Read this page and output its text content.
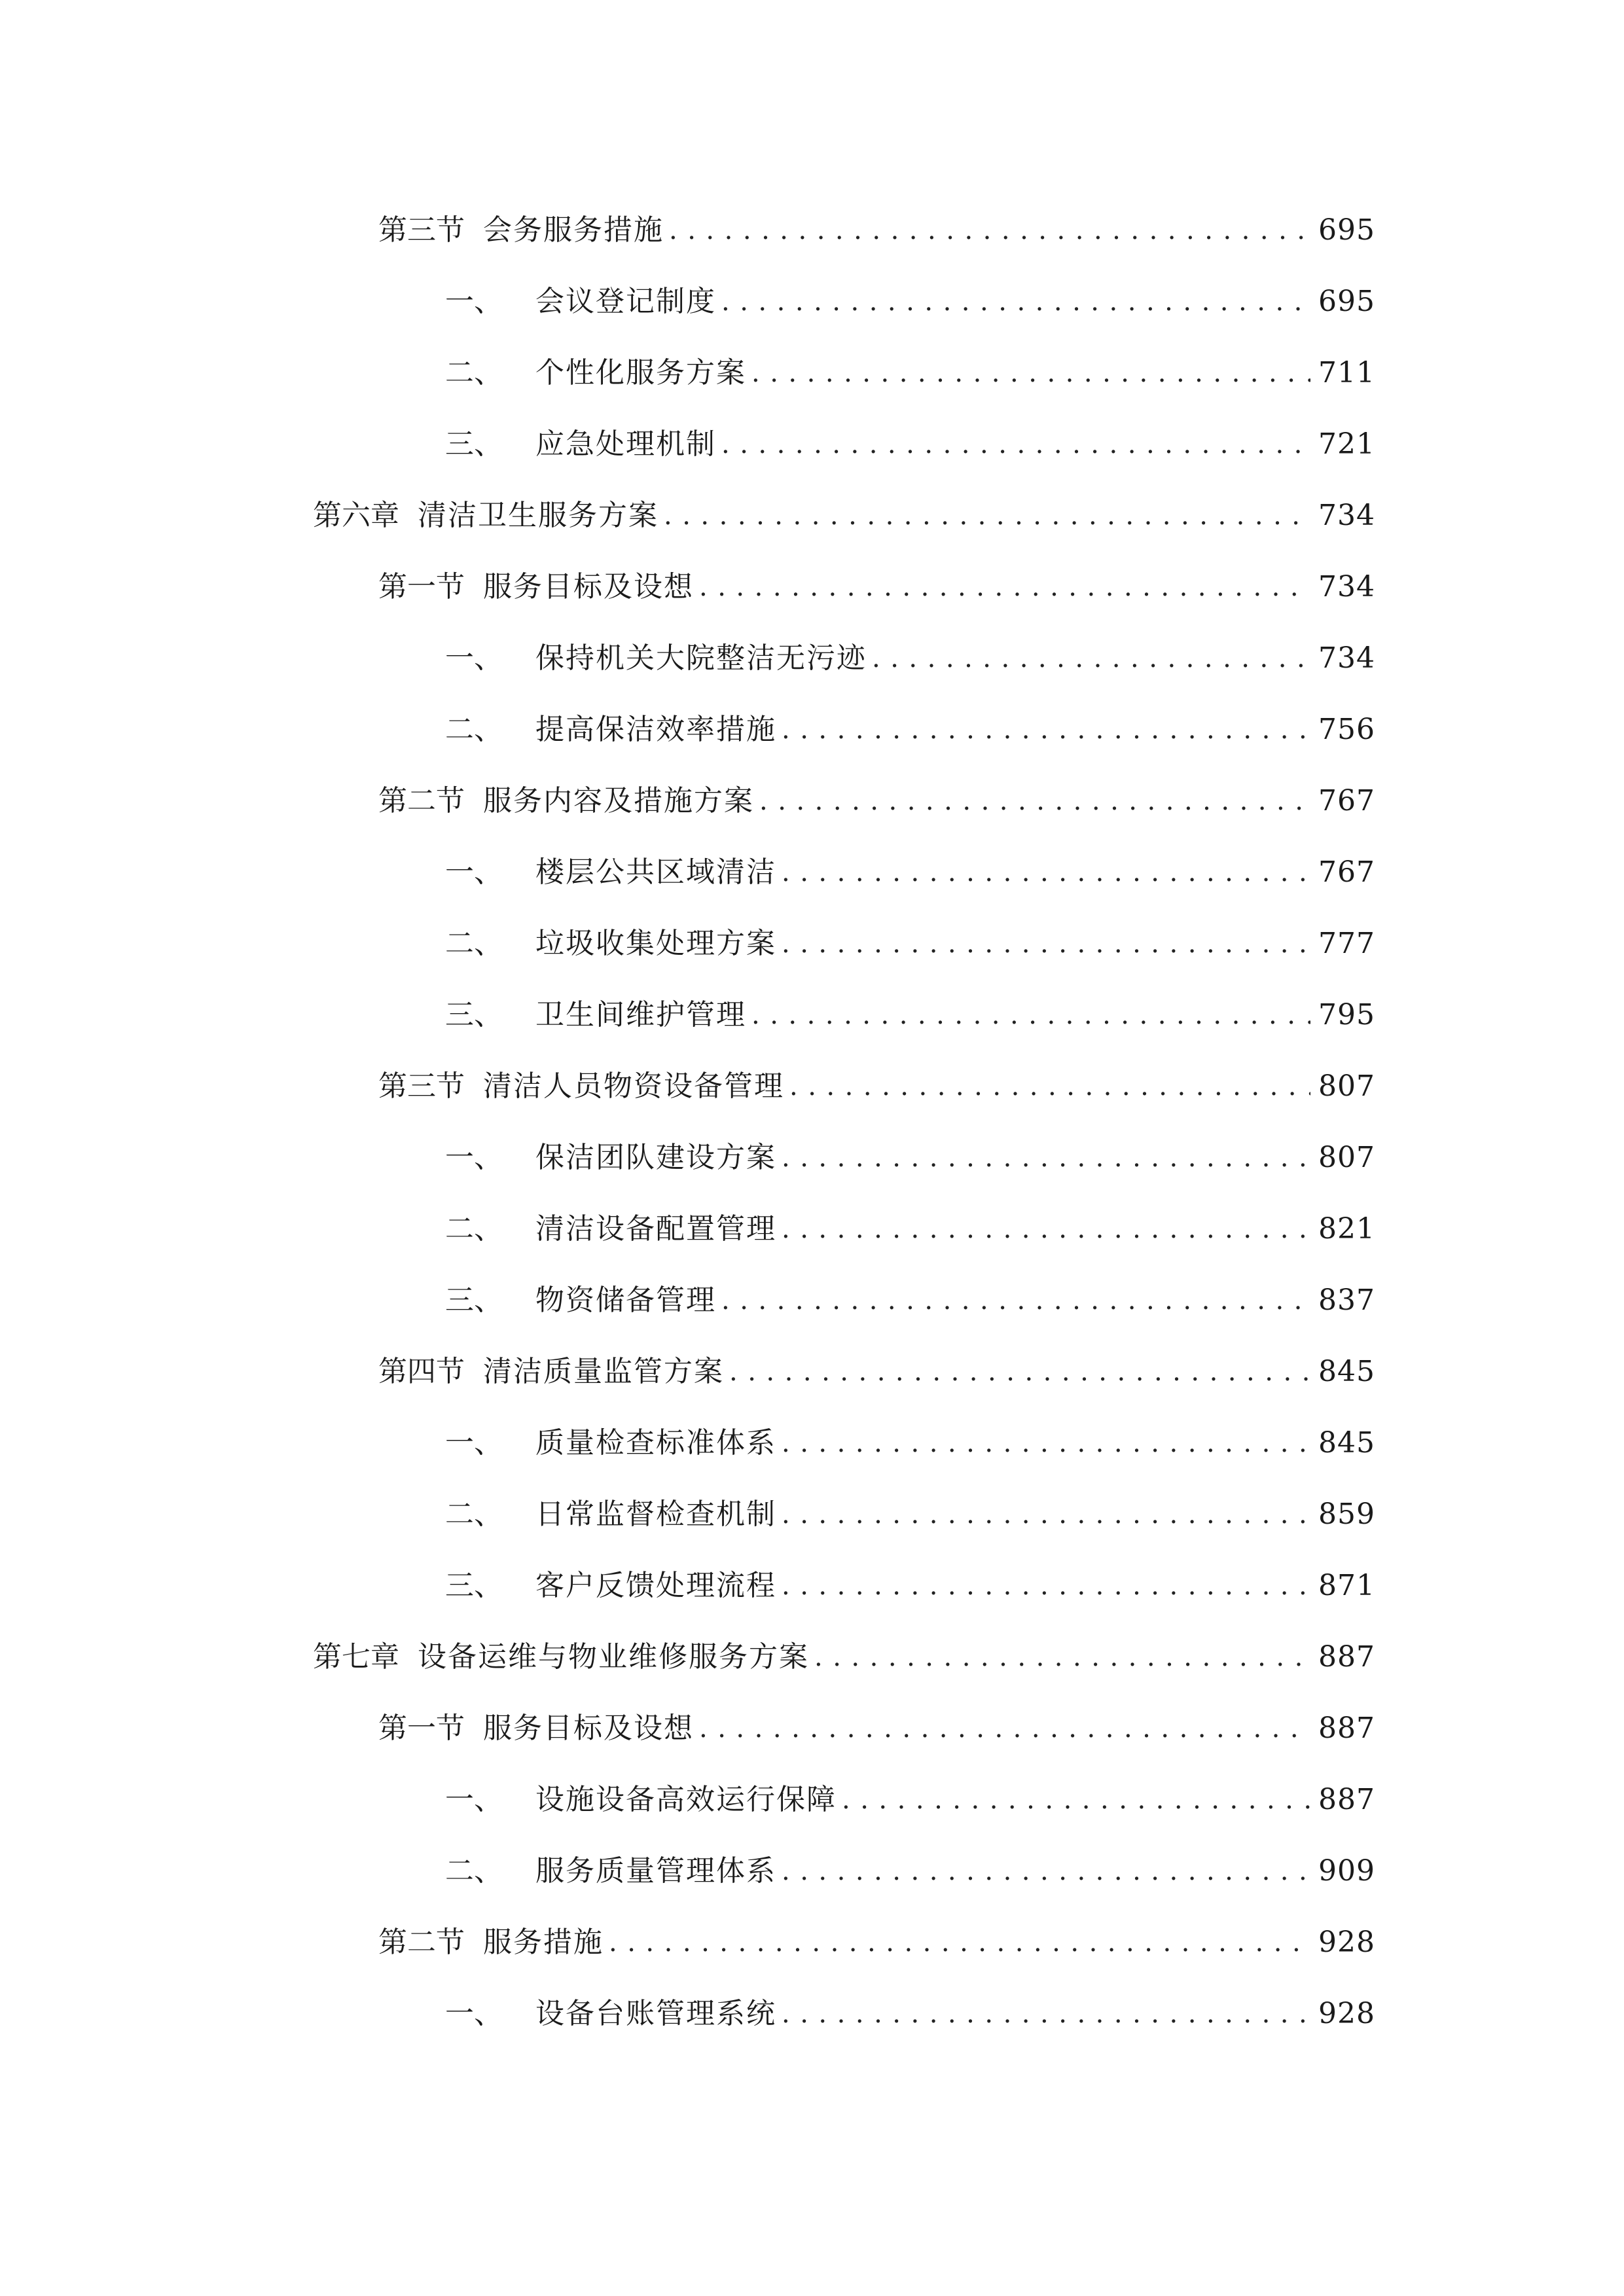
第三节 会务服务措施 .....	695
一、 会议登记制度 .....	695
二、 个性化服务方案 .....	711
三、 应急处理机制 .....	721
第六章 清洁卫生服务方案 .....	734
第一节 服务目标及设想 .....	734
一、 保持机关大院整洁无污迹 .....	734
二、 提高保洁效率措施 .....	756
第二节 服务内容及措施方案 .....	767
一、 楼层公共区域清洁 .....	767
二、 垃圾收集处理方案 .....	777
三、 卫生间维护管理 .....	795
第三节 清洁人员物资设备管理 .....	807
一、 保洁团队建设方案 .....	807
二、 清洁设备配置管理 .....	821
三、 物资储备管理 .....	837
第四节 清洁质量监管方案 .....	845
一、 质量检查标准体系 .....	845
二、 日常监督检查机制 .....	859
三、 客户反馈处理流程 .....	871
第七章 设备运维与物业维修服务方案 .....	887
第一节 服务目标及设想 .....	887
一、 设施设备高效运行保障 .....	887
二、 服务质量管理体系 .....	909
第二节 服务措施 .....	928
一、 设备台账管理系统 .....	928
